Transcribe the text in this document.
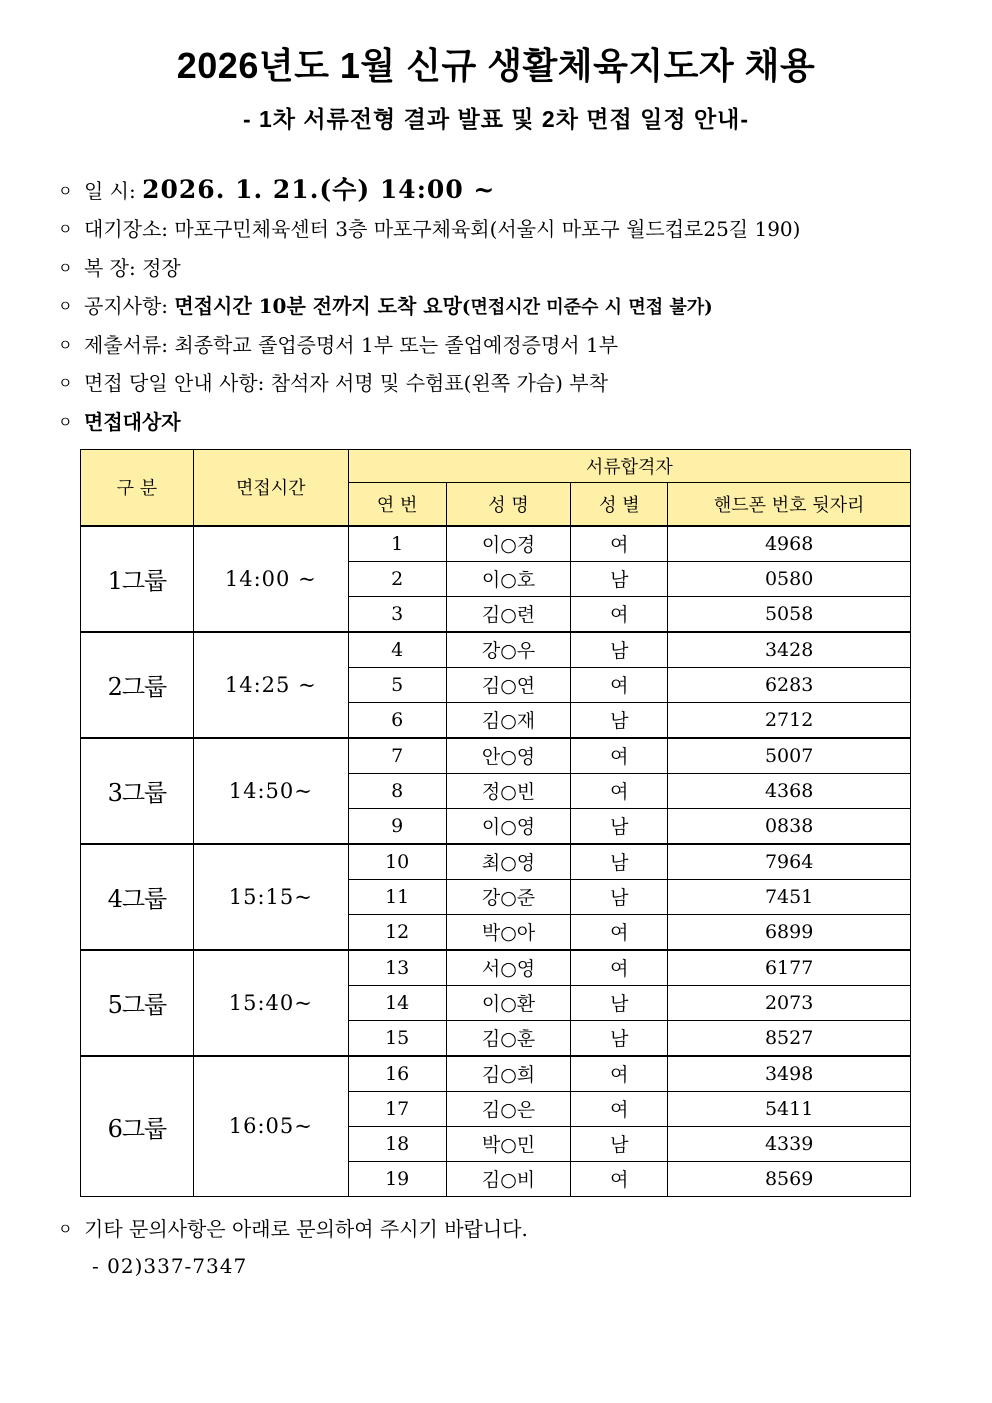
2026년도 1월 신규 생활체육지도자 채용
- 1차 서류전형 결과 발표 및 2차 면접 일정 안내-
ㅇ 일 시: 2026. 1. 21.(수) 14:00 ~
ㅇ 대기장소: 마포구민체육센터 3층 마포구체육회(서울시 마포구 월드컵로25길 190)
ㅇ 복 장: 정장
ㅇ 공지사항: 면접시간 10분 전까지 도착 요망(면접시간 미준수 시 면접 불가)
ㅇ 제출서류: 최종학교 졸업증명서 1부 또는 졸업예정증명서 1부
ㅇ 면접 당일 안내 사항: 참석자 서명 및 수험표(왼쪽 가슴) 부착
ㅇ 면접대상자
구 분	면접시간	서류합격자			
		연 번	성 명	성 별	핸드폰 번호 뒷자리
1그룹	14:00 ~	1	이○경	여	4968
		2	이○호	남	0580
		3	김○련	여	5058
2그룹	14:25 ~	4	강○우	남	3428
		5	김○연	여	6283
		6	김○재	남	2712
3그룹	14:50~	7	안○영	여	5007
		8	정○빈	여	4368
		9	이○영	남	0838
4그룹	15:15~	10	최○영	남	7964
		11	강○준	남	7451
		12	박○아	여	6899
5그룹	15:40~	13	서○영	여	6177
		14	이○환	남	2073
		15	김○훈	남	8527
6그룹	16:05~	16	김○희	여	3498
		17	김○은	여	5411
		18	박○민	남	4339
		19	김○비	여	8569
ㅇ 기타 문의사항은 아래로 문의하여 주시기 바랍니다.
- 02)337-7347
